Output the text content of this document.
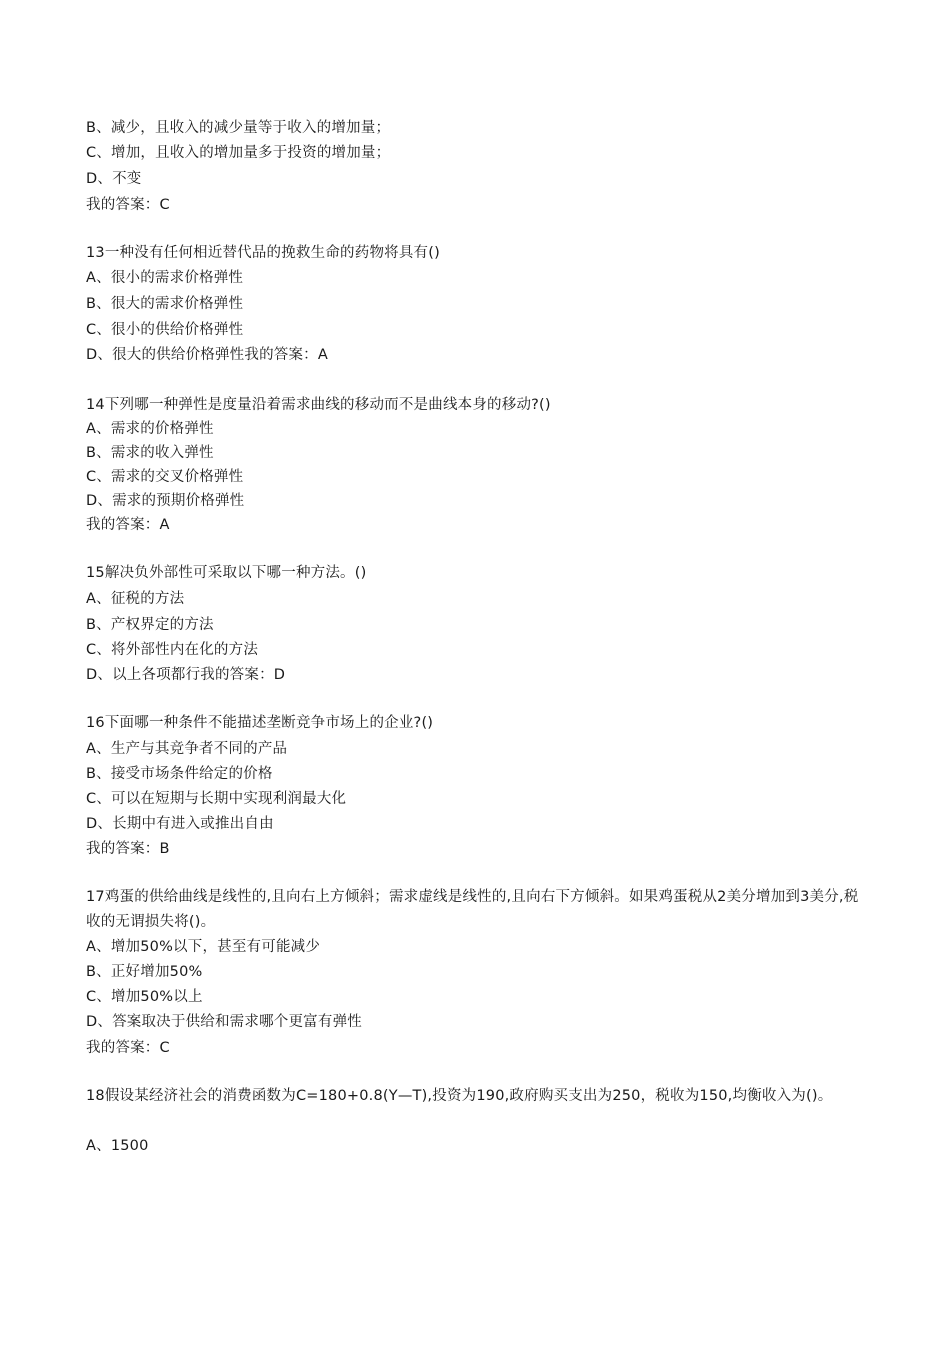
B、减少，且收入的减少量等于收入的增加量；
C、增加，且收入的增加量多于投资的增加量；
D、不变
我的答案：C
13一种没有任何相近替代品的挽救生命的药物将具有()
A、很小的需求价格弹性
B、很大的需求价格弹性
C、很小的供给价格弹性
D、很大的供给价格弹性我的答案：A
14下列哪一种弹性是度量沿着需求曲线的移动而不是曲线本身的移动?()
A、需求的价格弹性
B、需求的收入弹性
C、需求的交叉价格弹性
D、需求的预期价格弹性
我的答案：A
15解决负外部性可采取以下哪一种方法。()
A、征税的方法
B、产权界定的方法
C、将外部性内在化的方法
D、以上各项都行我的答案：D
16下面哪一种条件不能描述垄断竞争市场上的企业?()
A、生产与其竞争者不同的产品
B、接受市场条件给定的价格
C、可以在短期与长期中实现利润最大化
D、长期中有进入或推出自由
我的答案：B
17鸡蛋的供给曲线是线性的,且向右上方倾斜；需求虚线是线性的,且向右下方倾斜。如果鸡蛋税从2美分增加到3美分,税收的无谓损失将()。
A、增加50%以下，甚至有可能减少
B、正好增加50%
C、增加50%以上
D、答案取决于供给和需求哪个更富有弹性
我的答案：C
18假设某经济社会的消费函数为C=180+0.8(Y—T),投资为190,政府购买支出为250，税收为150,均衡收入为()。
A、1500
